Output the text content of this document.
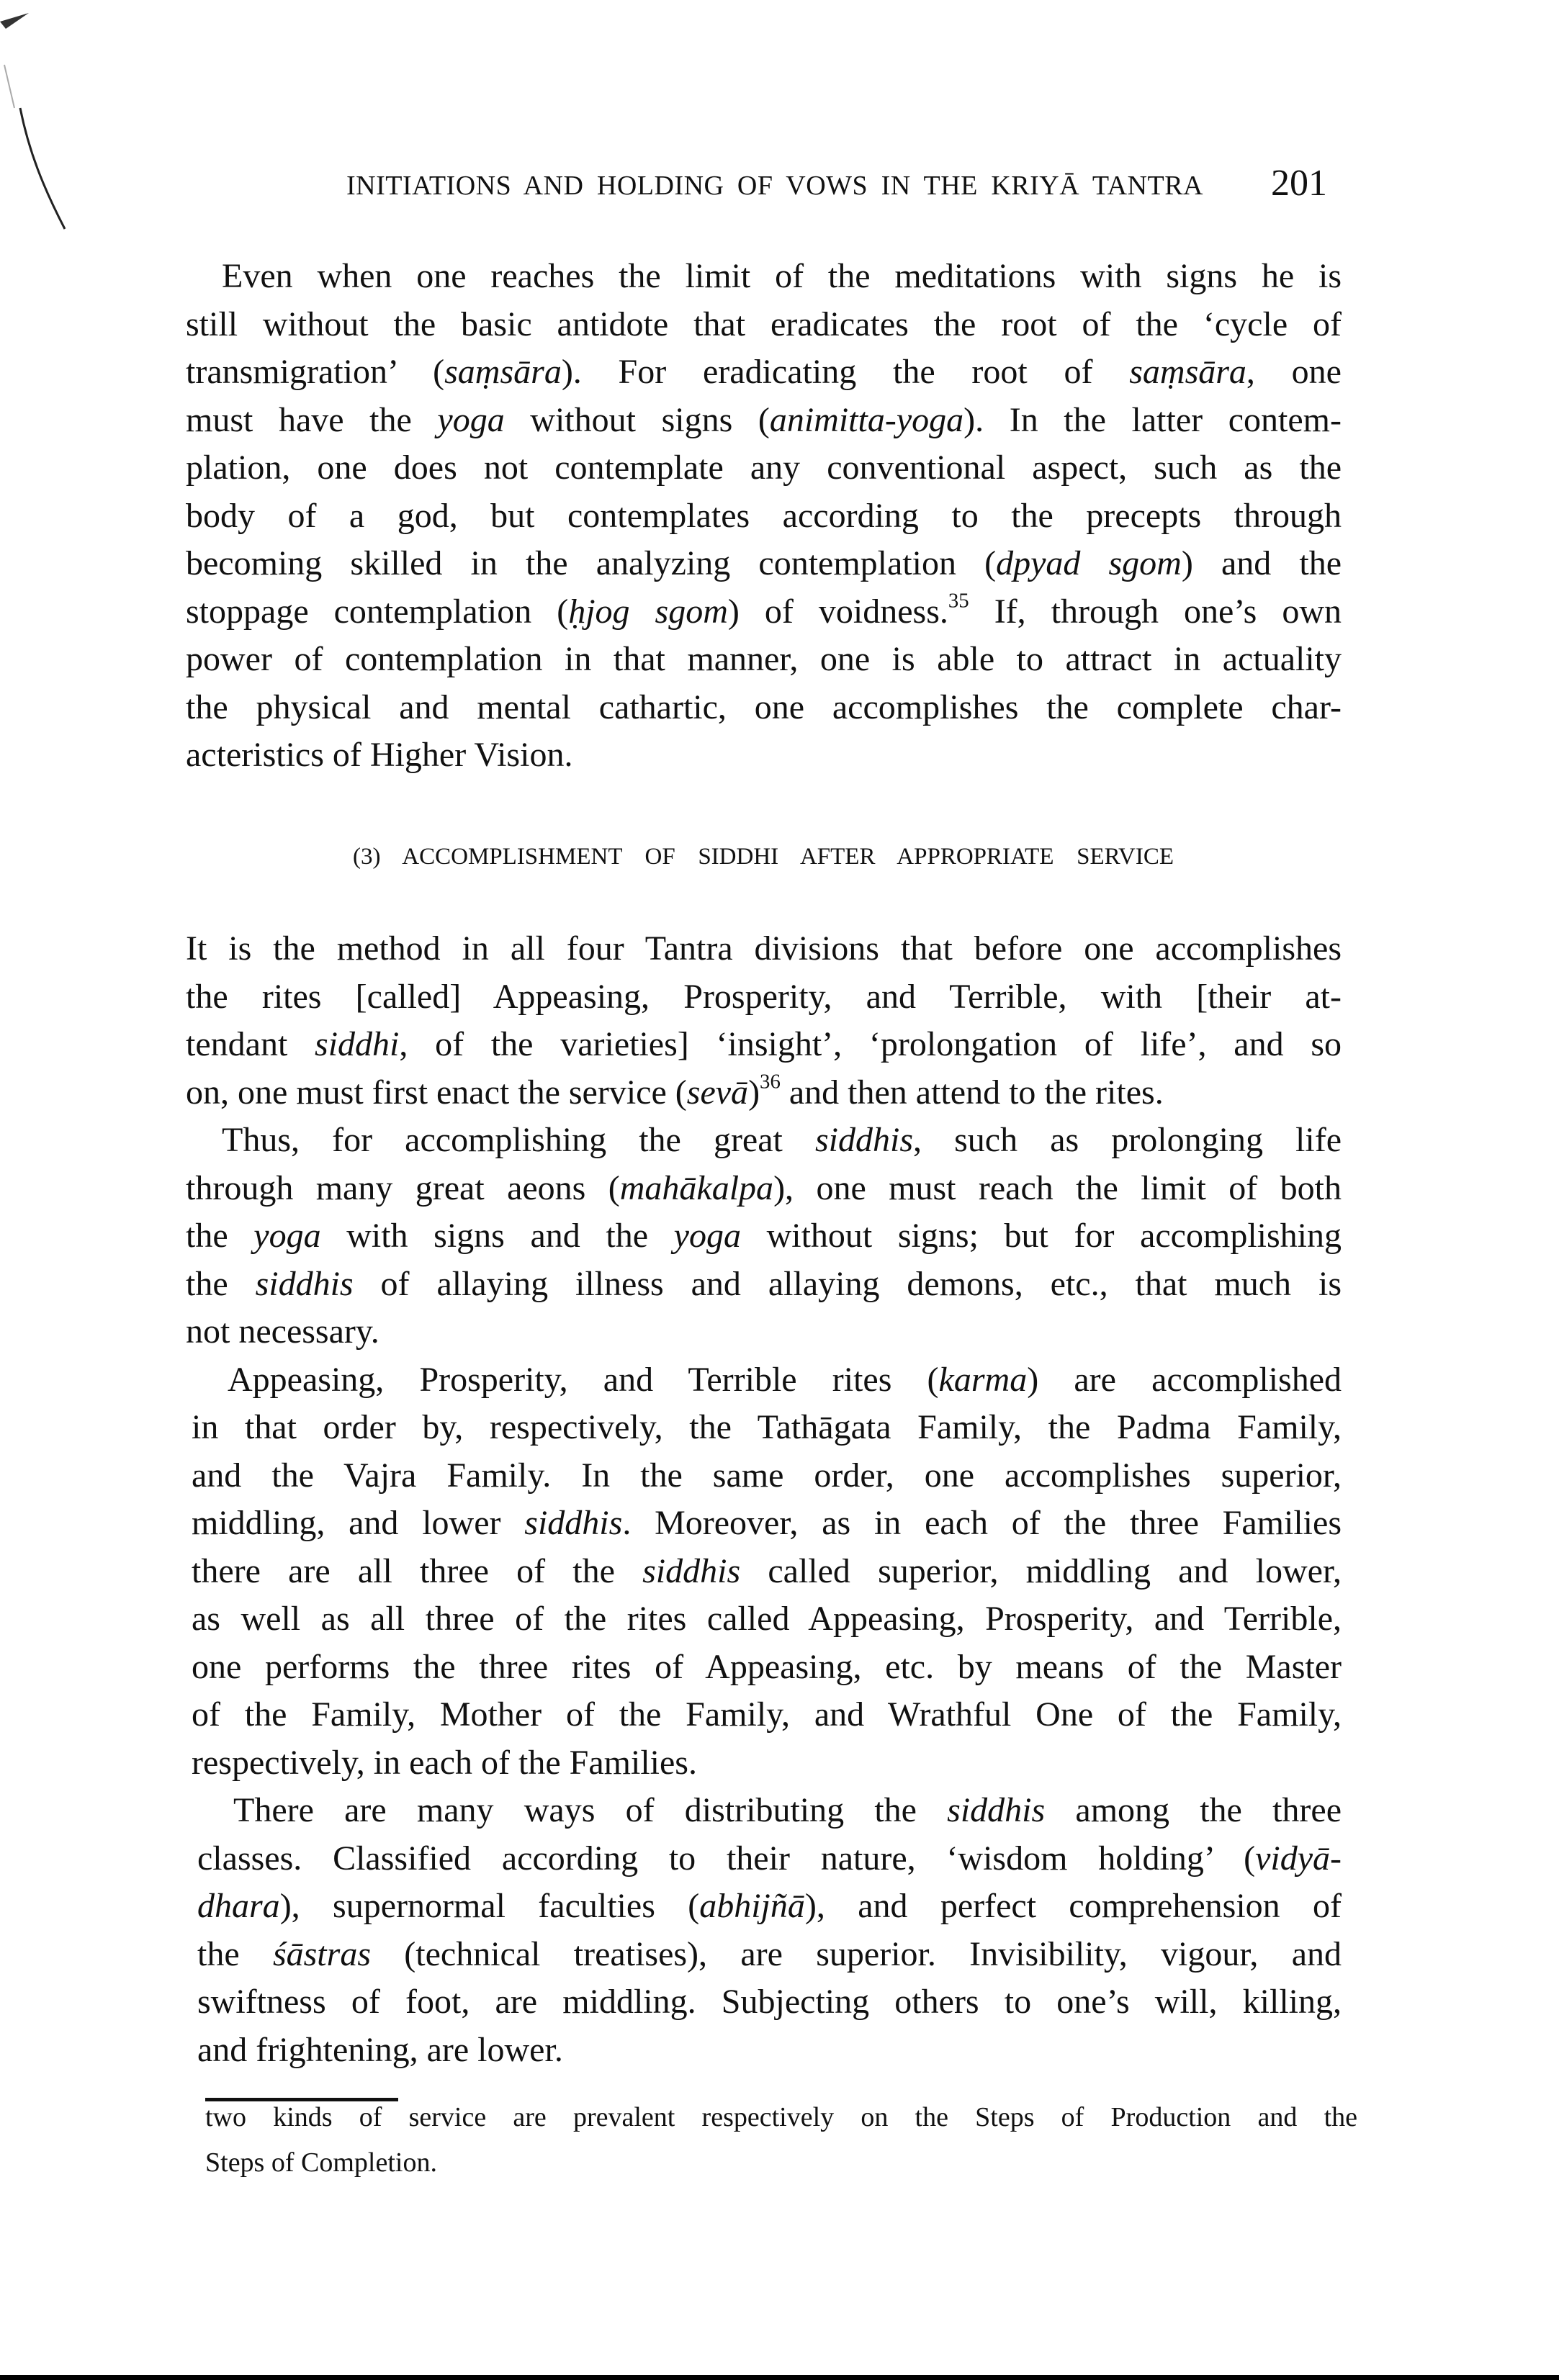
INITIATIONS AND HOLDING OF VOWS IN THE KRIYĀ TANTRA 201
Even when one reaches the limit of the meditations with signs he is
still without the basic antidote that eradicates the root of the ‘cycle of
transmigration’ (saṃsāra). For eradicating the root of saṃsāra, one
must have the yoga without signs (animitta-yoga). In the latter contem-
plation, one does not contemplate any conventional aspect, such as the
body of a god, but contemplates according to the precepts through
becoming skilled in the analyzing contemplation (dpyad sgom) and the
stoppage contemplation (ḥjog sgom) of voidness.$^{35}$ If, through one’s own
power of contemplation in that manner, one is able to attract in actuality
the physical and mental cathartic, one accomplishes the complete char-
acteristics of Higher Vision.
(3) ACCOMPLISHMENT OF SIDDHI AFTER APPROPRIATE SERVICE
It is the method in all four Tantra divisions that before one accomplishes
the rites [called] Appeasing, Prosperity, and Terrible, with [their at-
tendant siddhi, of the varieties] ‘insight’, ‘prolongation of life’, and so
on, one must first enact the service (sevā)$^{36}$ and then attend to the rites.
Thus, for accomplishing the great siddhis, such as prolonging life
through many great aeons (mahākalpa), one must reach the limit of both
the yoga with signs and the yoga without signs; but for accomplishing
the siddhis of allaying illness and allaying demons, etc., that much is
not necessary.
Appeasing, Prosperity, and Terrible rites (karma) are accomplished
in that order by, respectively, the Tathāgata Family, the Padma Family,
and the Vajra Family. In the same order, one accomplishes superior,
middling, and lower siddhis. Moreover, as in each of the three Families
there are all three of the siddhis called superior, middling and lower,
as well as all three of the rites called Appeasing, Prosperity, and Terrible,
one performs the three rites of Appeasing, etc. by means of the Master
of the Family, Mother of the Family, and Wrathful One of the Family,
respectively, in each of the Families.
There are many ways of distributing the siddhis among the three
classes. Classified according to their nature, ‘wisdom holding’ (vidyā-
dhara), supernormal faculties (abhijñā), and perfect comprehension of
the śāstras (technical treatises), are superior. Invisibility, vigour, and
swiftness of foot, are middling. Subjecting others to one’s will, killing,
and frightening, are lower.
two kinds of service are prevalent respectively on the Steps of Production and the
Steps of Completion.
